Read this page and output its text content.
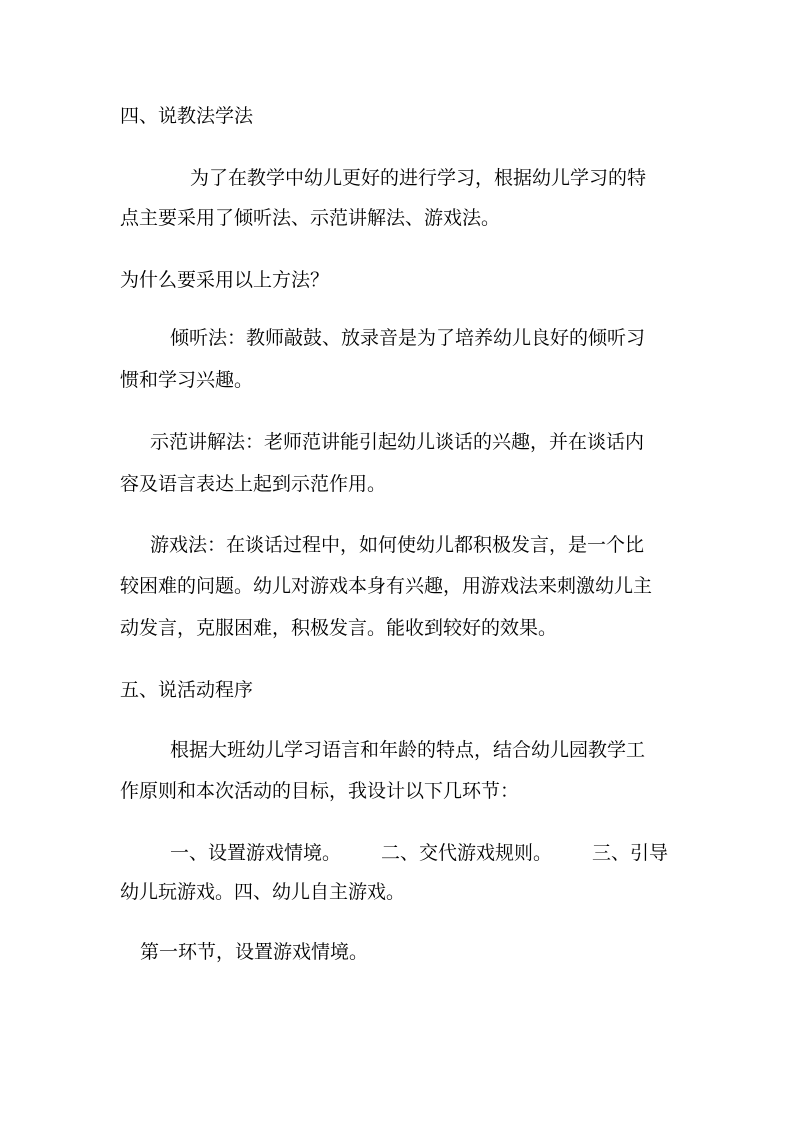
四、说教法学法
为了在教学中幼儿更好的进行学习，根据幼儿学习的特
点主要采用了倾听法、示范讲解法、游戏法。
为什么要采用以上方法？
倾听法：教师敲鼓、放录音是为了培养幼儿良好的倾听习
惯和学习兴趣。
示范讲解法：老师范讲能引起幼儿谈话的兴趣，并在谈话内
容及语言表达上起到示范作用。
游戏法：在谈话过程中，如何使幼儿都积极发言，是一个比
较困难的问题。幼儿对游戏本身有兴趣，用游戏法来刺激幼儿主
动发言，克服困难，积极发言。能收到较好的效果。
五、说活动程序
根据大班幼儿学习语言和年龄的特点，结合幼儿园教学工
作原则和本次活动的目标，我设计以下几环节：
一、设置游戏情境。 二、交代游戏规则。 三、引导
幼儿玩游戏。四、幼儿自主游戏。
第一环节，设置游戏情境。
